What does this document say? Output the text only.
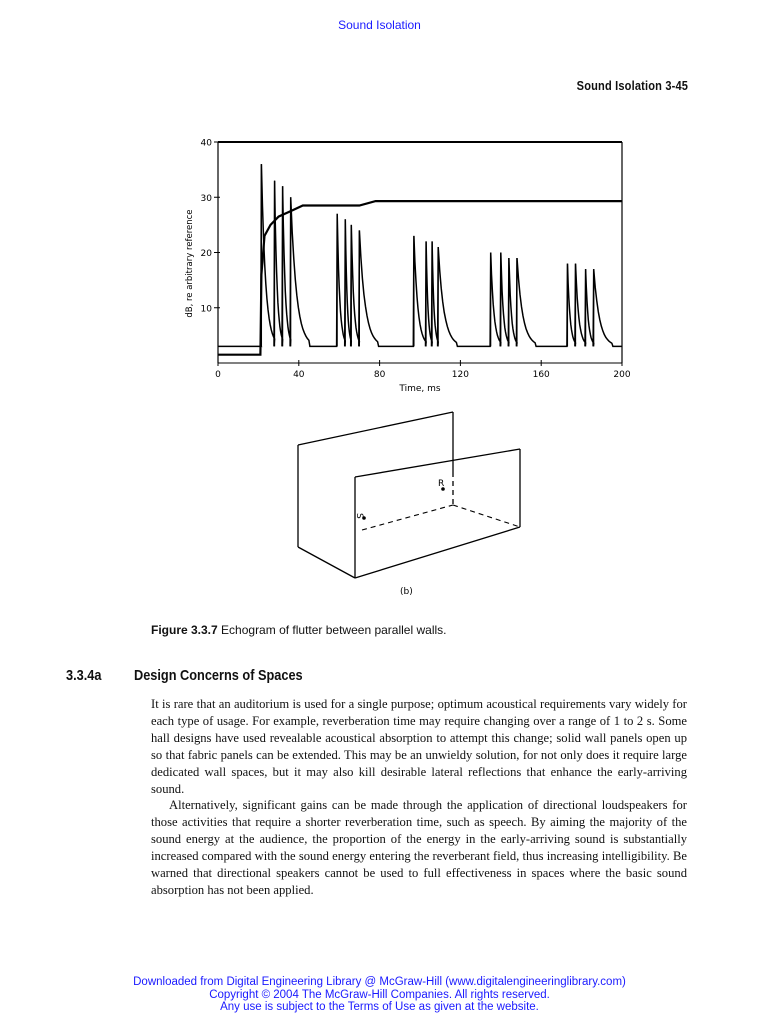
Sound Isolation
Sound Isolation 3-45
10
20
30
40
0	40	80	120	160	200
Time, ms
dB, re arbitrary reference
S
R
(b)
Figure 3.3.7 Echogram of flutter between parallel walls.
3.3.4a Design Concerns of Spaces

It is rare that an auditorium is used for a single purpose; optimum acoustical requirements vary widely for each type of usage. For example, reverberation time may require changing over a range of 1 to 2 s. Some hall designs have used revealable acoustical absorption to attempt this change; solid wall panels open up so that fabric panels can be extended. This may be an unwieldy solution, for not only does it require large dedicated wall spaces, but it may also kill desirable lateral reflections that enhance the early-arriving sound.

Alternatively, significant gains can be made through the application of directional loudspeakers for those activities that require a shorter reverberation time, such as speech. By aiming the majority of the sound energy at the audience, the proportion of the energy in the early-arriving sound is substantially increased compared with the sound energy entering the reverberant field, thus increasing intelligibility. Be warned that directional speakers cannot be used to full effectiveness in spaces where the basic sound absorption has not been applied.

Downloaded from Digital Engineering Library @ McGraw-Hill (www.digitalengineeringlibrary.com)
Copyright © 2004 The McGraw-Hill Companies. All rights reserved.
Any use is subject to the Terms of Use as given at the website.
